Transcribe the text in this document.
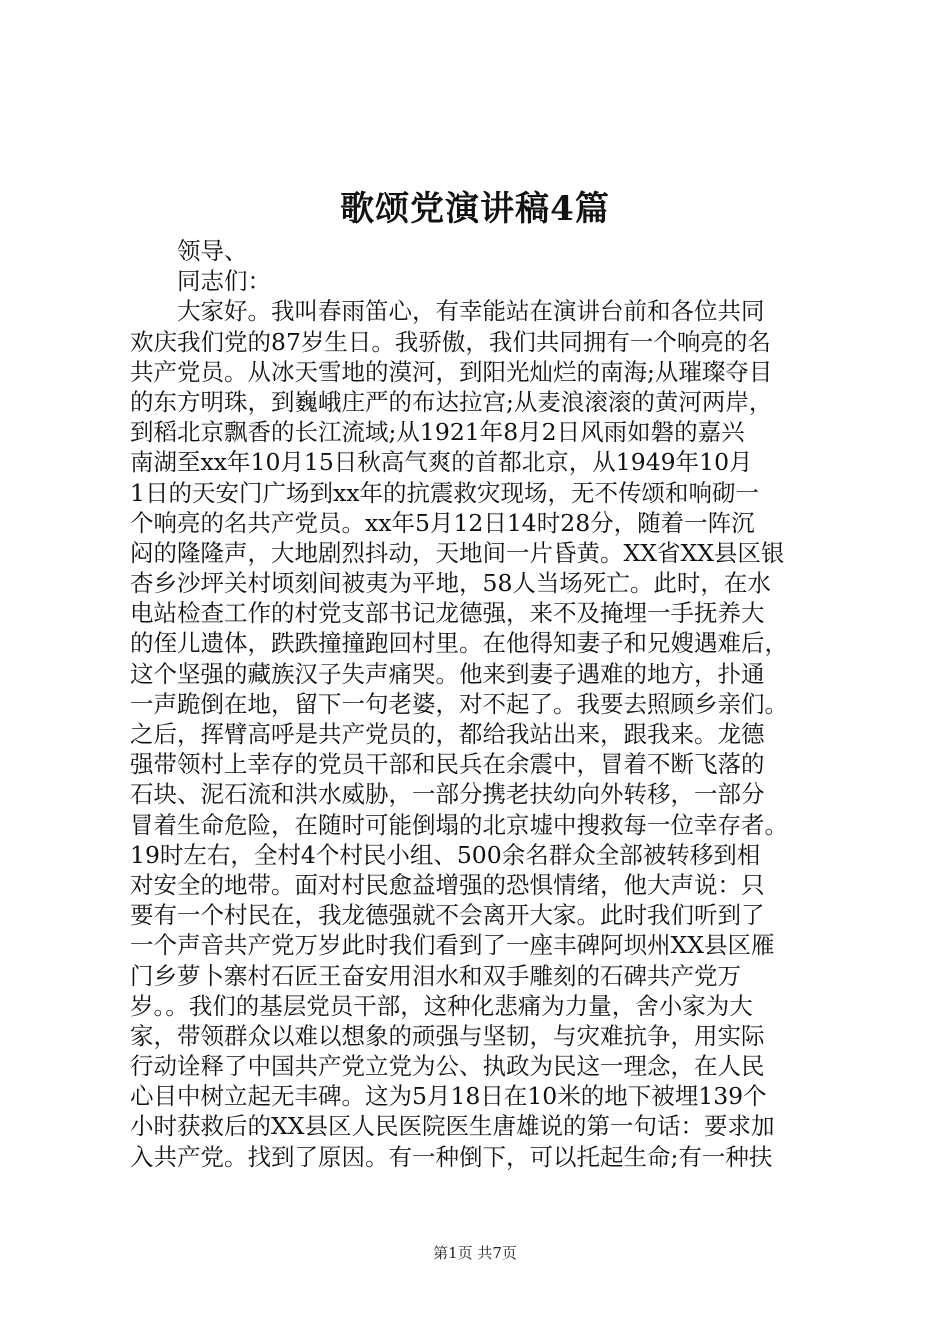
歌颂党演讲稿4篇
　　领导、
　　同志们：
　　大家好。我叫春雨笛心，有幸能站在演讲台前和各位共同
欢庆我们党的87岁生日。我骄傲，我们共同拥有一个响亮的名
共产党员。从冰天雪地的漠河，到阳光灿烂的南海;从璀璨夺目
的东方明珠，到巍峨庄严的布达拉宫;从麦浪滚滚的黄河两岸，
到稻北京飘香的长江流域;从1921年8月2日风雨如磐的嘉兴
南湖至xx年10月15日秋高气爽的首都北京，从1949年10月
1日的天安门广场到xx年的抗震救灾现场，无不传颂和响砌一
个响亮的名共产党员。xx年5月12日14时28分，随着一阵沉
闷的隆隆声，大地剧烈抖动，天地间一片昏黄。XX省XX县区银
杏乡沙坪关村顷刻间被夷为平地，58人当场死亡。此时，在水
电站检查工作的村党支部书记龙德强，来不及掩埋一手抚养大
的侄儿遗体，跌跌撞撞跑回村里。在他得知妻子和兄嫂遇难后，
这个坚强的藏族汉子失声痛哭。他来到妻子遇难的地方，扑通
一声跪倒在地，留下一句老婆，对不起了。我要去照顾乡亲们。
之后，挥臂高呼是共产党员的，都给我站出来，跟我来。龙德
强带领村上幸存的党员干部和民兵在余震中，冒着不断飞落的
石块、泥石流和洪水威胁，一部分携老扶幼向外转移，一部分
冒着生命危险，在随时可能倒塌的北京墟中搜救每一位幸存者。
19时左右，全村4个村民小组、500余名群众全部被转移到相
对安全的地带。面对村民愈益增强的恐惧情绪，他大声说：只
要有一个村民在，我龙德强就不会离开大家。此时我们听到了
一个声音共产党万岁此时我们看到了一座丰碑阿坝州XX县区雁
门乡萝卜寨村石匠王奋安用泪水和双手雕刻的石碑共产党万
岁。。我们的基层党员干部，这种化悲痛为力量，舍小家为大
家，带领群众以难以想象的顽强与坚韧，与灾难抗争，用实际
行动诠释了中国共产党立党为公、执政为民这一理念，在人民
心目中树立起无丰碑。这为5月18日在10米的地下被埋139个
小时获救后的XX县区人民医院医生唐雄说的第一句话：要求加
入共产党。找到了原因。有一种倒下，可以托起生命;有一种扶
第1页 共7页
